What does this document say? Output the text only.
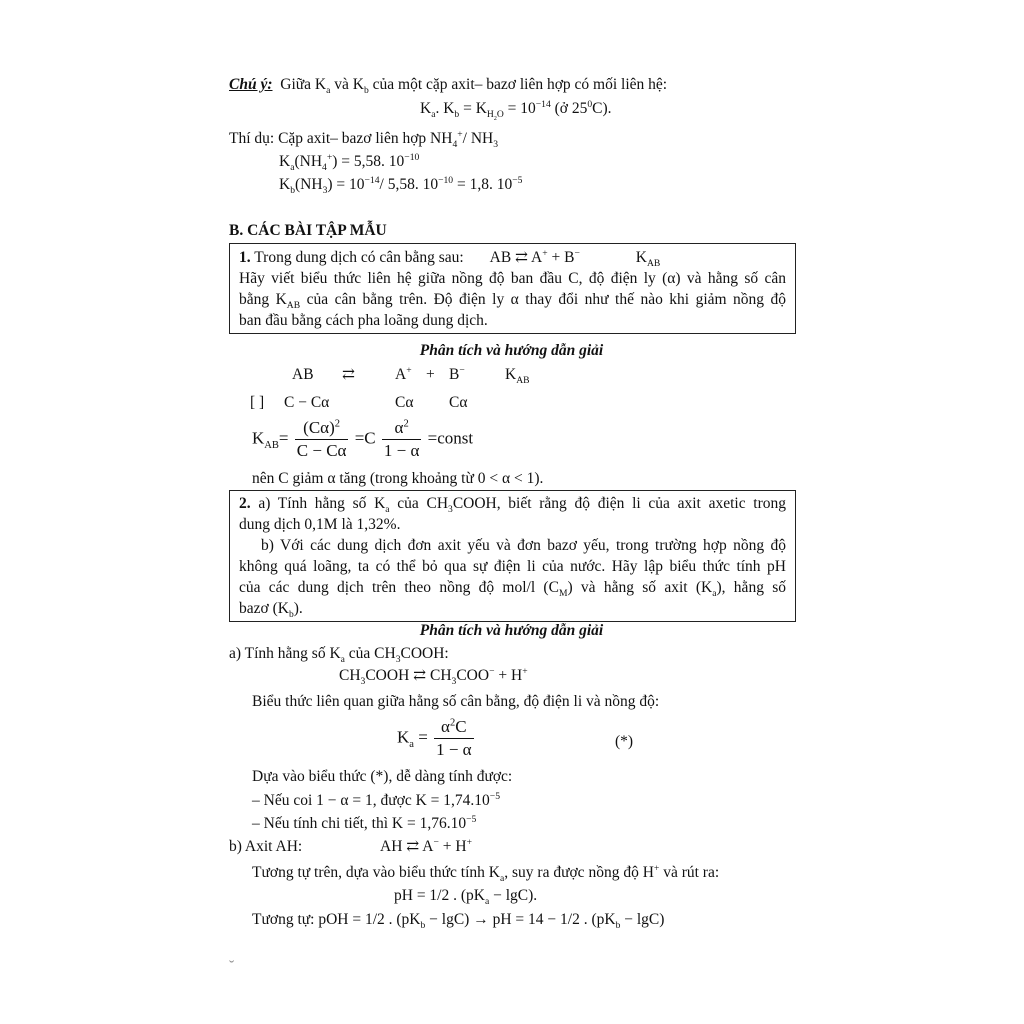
Chú ý: Giữa $K_a$ và $K_b$ của một cặp axit– bazơ liên hợp có mối liên hệ:
$K_a$. $K_b = K_{H_2O} = 10^{-14}$ (ở $25^0C$).
Thí dụ: Cặp axit– bazơ liên hợp $NH_4^+/$ $NH_3$
$K_a(NH_4^+) = 5,58$. $10^{-10}$
$K_b(NH_3) = 10^{-14}/$ 5,58. $10^{-10} = 1,8$. $10^{-5}$
B. CÁC BÀI TẬP MẪU

1. Trong dung dịch có cân bằng sau: AB ⇄ A+ + B−	$K_{AB}$

Hãy viết biểu thức liên hệ giữa nồng độ ban đầu C, độ điện ly (α) và hằng số cân

bằng $K_{AB}$ của cân bằng trên. Độ điện ly α thay đổi như thế nào khi giảm nồng độ

ban đầu bằng cách pha loãng dung dịch.

Phân tích và hướng dẫn giải
AB ⇄	A+ + B−	$K_{AB}$
[ ] C − Cα	Cα Cα
$K_{AB}= \frac{(C\alpha)^2}{C - C\alpha} =C \frac{\alpha^2}{1 - \alpha}$ =const
nên C giảm α tăng (trong khoảng từ 0 < α < 1).

2. a) Tính hằng số $K_a$ của $CH_3COOH$, biết rằng độ điện li của axit axetic trong

dung dịch 0,1M là 1,32%.

b) Với các dung dịch đơn axit yếu và đơn bazơ yếu, trong trường hợp nồng độ

không quá loãng, ta có thể bỏ qua sự điện li của nước. Hãy lập biểu thức tính pH

của các dung dịch trên theo nồng độ mol/l $(C_M)$ và hằng số axit $(K_a)$, hằng số

bazơ $(K_b)$.

Phân tích và hướng dẫn giải
a) Tính hằng số $K_a$ của $CH_3COOH$:
$CH_3COOH$ ⇄ $CH_3COO^- + H^+$
Biểu thức liên quan giữa hằng số cân bằng, độ điện li và nồng độ:
$K_a = \frac{\alpha^2C}{1 - \alpha}$	(*)
Dựa vào biểu thức (*), dễ dàng tính được:
– Nếu coi 1 − α = 1, được $K = 1,74.10^{-5}$
– Nếu tính chi tiết, thì $K = 1,76.10^{-5}$
b) Axit AH:	AH ⇄ A− + H+
Tương tự trên, dựa vào biểu thức tính $K_a$, suy ra được nồng độ H+ và rút ra:
pH = 1/2 . $(pK_a - \lg C)$.
Tương tự: pOH = 1/2 . $(pK_b - \lg C)$ → pH = 14 − 1/2 . $(pK_b - \lg C)$
˘
